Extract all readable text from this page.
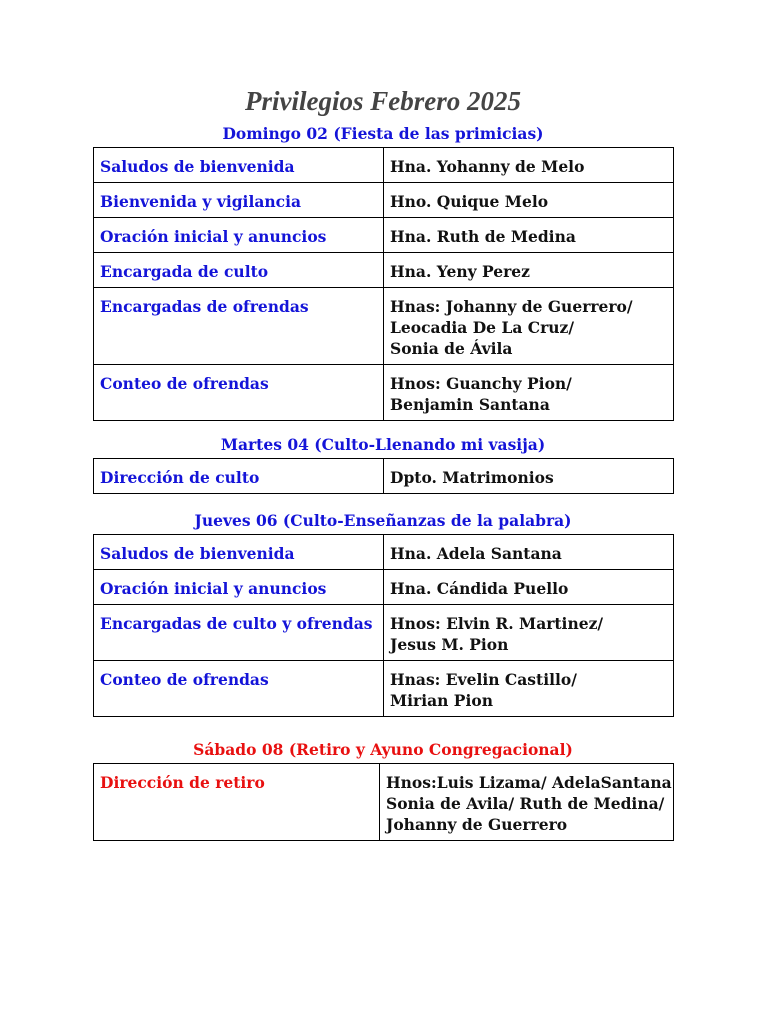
Privilegios Febrero 2025
Domingo 02 (Fiesta de las primicias)
Saludos de bienvenida	Hna. Yohanny de Melo

Bienvenida y vigilancia	Hno. Quique Melo

Oración inicial y anuncios	Hna. Ruth de Medina

Encargada de culto	Hna. Yeny Perez

Encargadas de ofrendas	Hnas: Johanny de Guerrero/
Leocadia De La Cruz/
Sonia de Ávila

Conteo de ofrendas	Hnos: Guanchy Pion/
Benjamin Santana
Martes 04 (Culto-Llenando mi vasija)
Dirección de culto	Dpto. Matrimonios
Jueves 06 (Culto-Enseñanzas de la palabra)
Saludos de bienvenida	Hna. Adela Santana

Oración inicial y anuncios	Hna. Cándida Puello

Encargadas de culto y ofrendas	Hnos: Elvin R. Martinez/
Jesus M. Pion

Conteo de ofrendas	Hnas: Evelin Castillo/
Mirian Pion
Sábado 08 (Retiro y Ayuno Congregacional)
Dirección de retiro	Hnos:Luis Lizama/ AdelaSantana
Sonia de Avila/ Ruth de Medina/
Johanny de Guerrero
